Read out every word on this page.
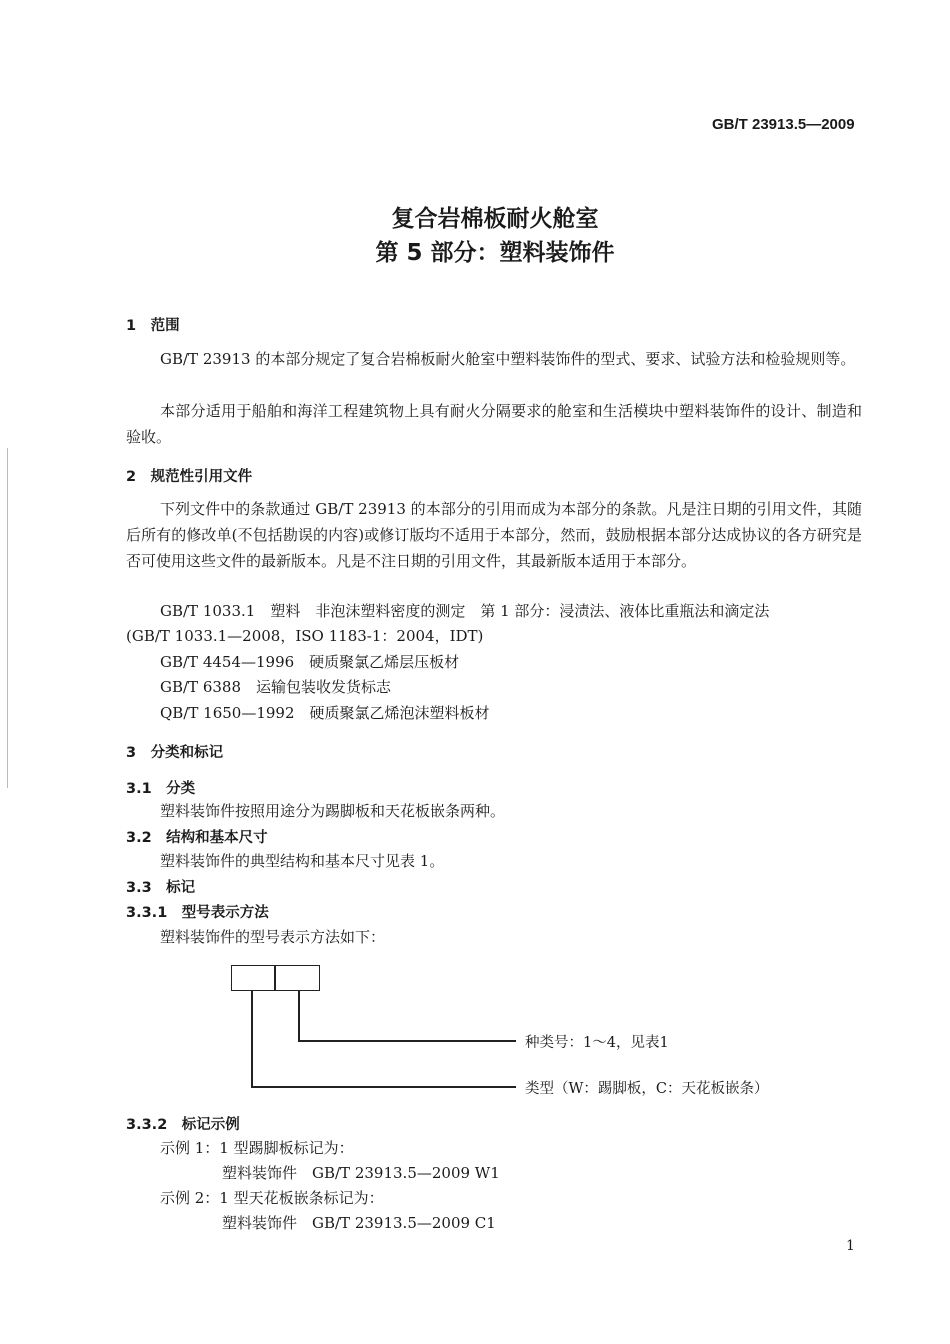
GB/T 23913.5—2009
复合岩棉板耐火舱室
第 5 部分：塑料装饰件
1　范围
GB/T 23913 的本部分规定了复合岩棉板耐火舱室中塑料装饰件的型式、要求、试验方法和检验规则等。
本部分适用于船舶和海洋工程建筑物上具有耐火分隔要求的舱室和生活模块中塑料装饰件的设计、制造和验收。
2　规范性引用文件
下列文件中的条款通过 GB/T 23913 的本部分的引用而成为本部分的条款。凡是注日期的引用文件，其随后所有的修改单(不包括勘误的内容)或修订版均不适用于本部分，然而，鼓励根据本部分达成协议的各方研究是否可使用这些文件的最新版本。凡是不注日期的引用文件，其最新版本适用于本部分。
GB/T 1033.1　塑料　非泡沫塑料密度的测定　第 1 部分：浸渍法、液体比重瓶法和滴定法
(GB/T 1033.1—2008，ISO 1183-1：2004，IDT)
GB/T 4454—1996　硬质聚氯乙烯层压板材
GB/T 6388　运输包装收发货标志
QB/T 1650—1992　硬质聚氯乙烯泡沫塑料板材
3　分类和标记
3.1　分类
塑料装饰件按照用途分为踢脚板和天花板嵌条两种。
3.2　结构和基本尺寸
塑料装饰件的典型结构和基本尺寸见表 1。
3.3　标记
3.3.1　型号表示方法
塑料装饰件的型号表示方法如下：
种类号：1～4，见表1
类型（W：踢脚板，C：天花板嵌条）
3.3.2　标记示例
示例 1：1 型踢脚板标记为：
塑料装饰件　GB/T 23913.5—2009 W1
示例 2：1 型天花板嵌条标记为：
塑料装饰件　GB/T 23913.5—2009 C1
1
